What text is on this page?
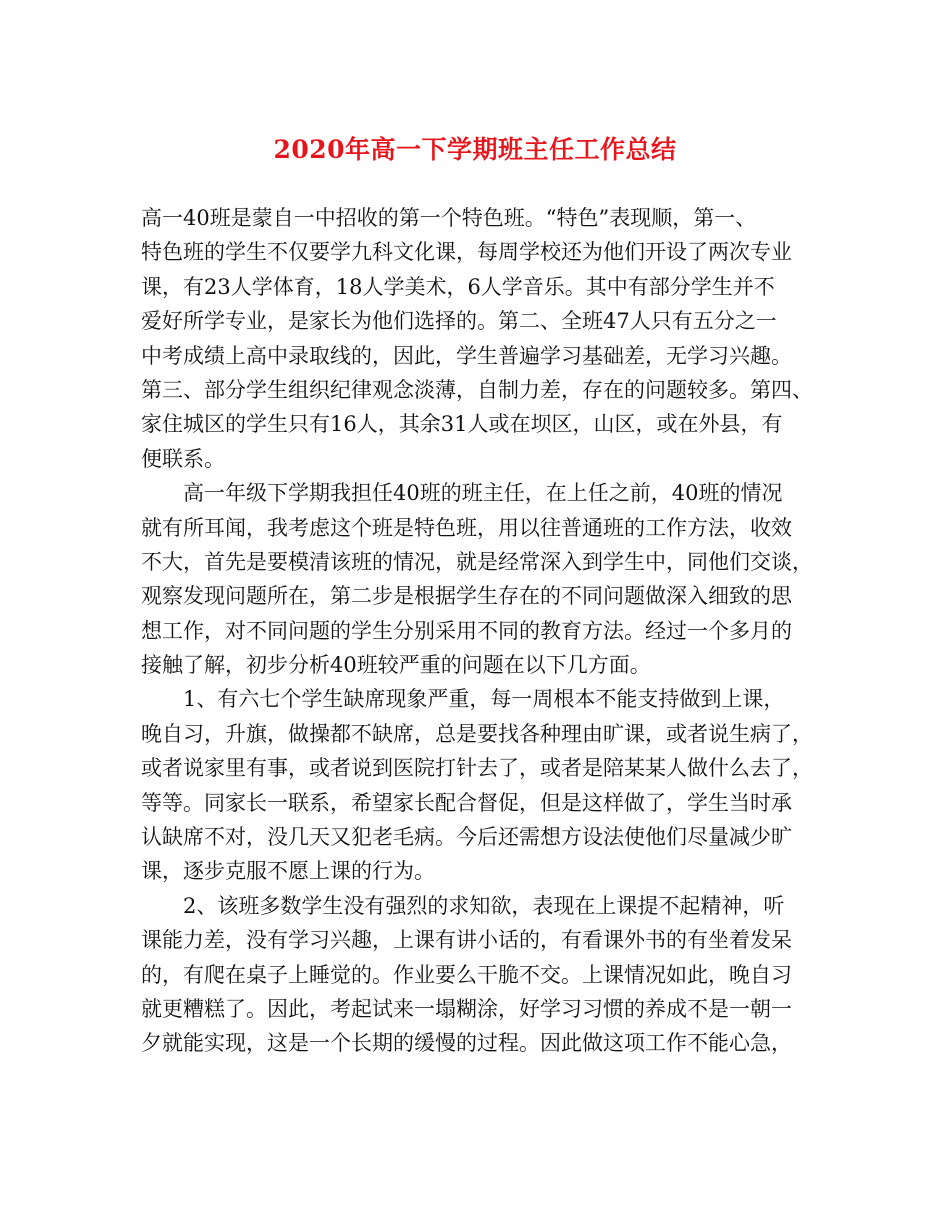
2020年高一下学期班主任工作总结
高一40班是蒙自一中招收的第一个特色班。“特色”表现顺，第一、
特色班的学生不仅要学九科文化课，每周学校还为他们开设了两次专业
课，有23人学体育，18人学美术，6人学音乐。其中有部分学生并不
爱好所学专业，是家长为他们选择的。第二、全班47人只有五分之一
中考成绩上高中录取线的，因此，学生普遍学习基础差，无学习兴趣。
第三、部分学生组织纪律观念淡薄，自制力差，存在的问题较多。第四、
家住城区的学生只有16人，其余31人或在坝区，山区，或在外县，有
便联系。
高一年级下学期我担任40班的班主任，在上任之前，40班的情况
就有所耳闻，我考虑这个班是特色班，用以往普通班的工作方法，收效
不大，首先是要模清该班的情况，就是经常深入到学生中，同他们交谈，
观察发现问题所在，第二步是根据学生存在的不同问题做深入细致的思
想工作，对不同问题的学生分别采用不同的教育方法。经过一个多月的
接触了解，初步分析40班较严重的问题在以下几方面。
1、有六七个学生缺席现象严重，每一周根本不能支持做到上课，
晚自习，升旗，做操都不缺席，总是要找各种理由旷课，或者说生病了，
或者说家里有事，或者说到医院打针去了，或者是陪某某人做什么去了，
等等。同家长一联系，希望家长配合督促，但是这样做了，学生当时承
认缺席不对，没几天又犯老毛病。今后还需想方设法使他们尽量减少旷
课，逐步克服不愿上课的行为。
2、该班多数学生没有强烈的求知欲，表现在上课提不起精神，听
课能力差，没有学习兴趣，上课有讲小话的，有看课外书的有坐着发呆
的，有爬在桌子上睡觉的。作业要么干脆不交。上课情况如此，晚自习
就更糟糕了。因此，考起试来一塌糊涂，好学习习惯的养成不是一朝一
夕就能实现，这是一个长期的缓慢的过程。因此做这项工作不能心急，
